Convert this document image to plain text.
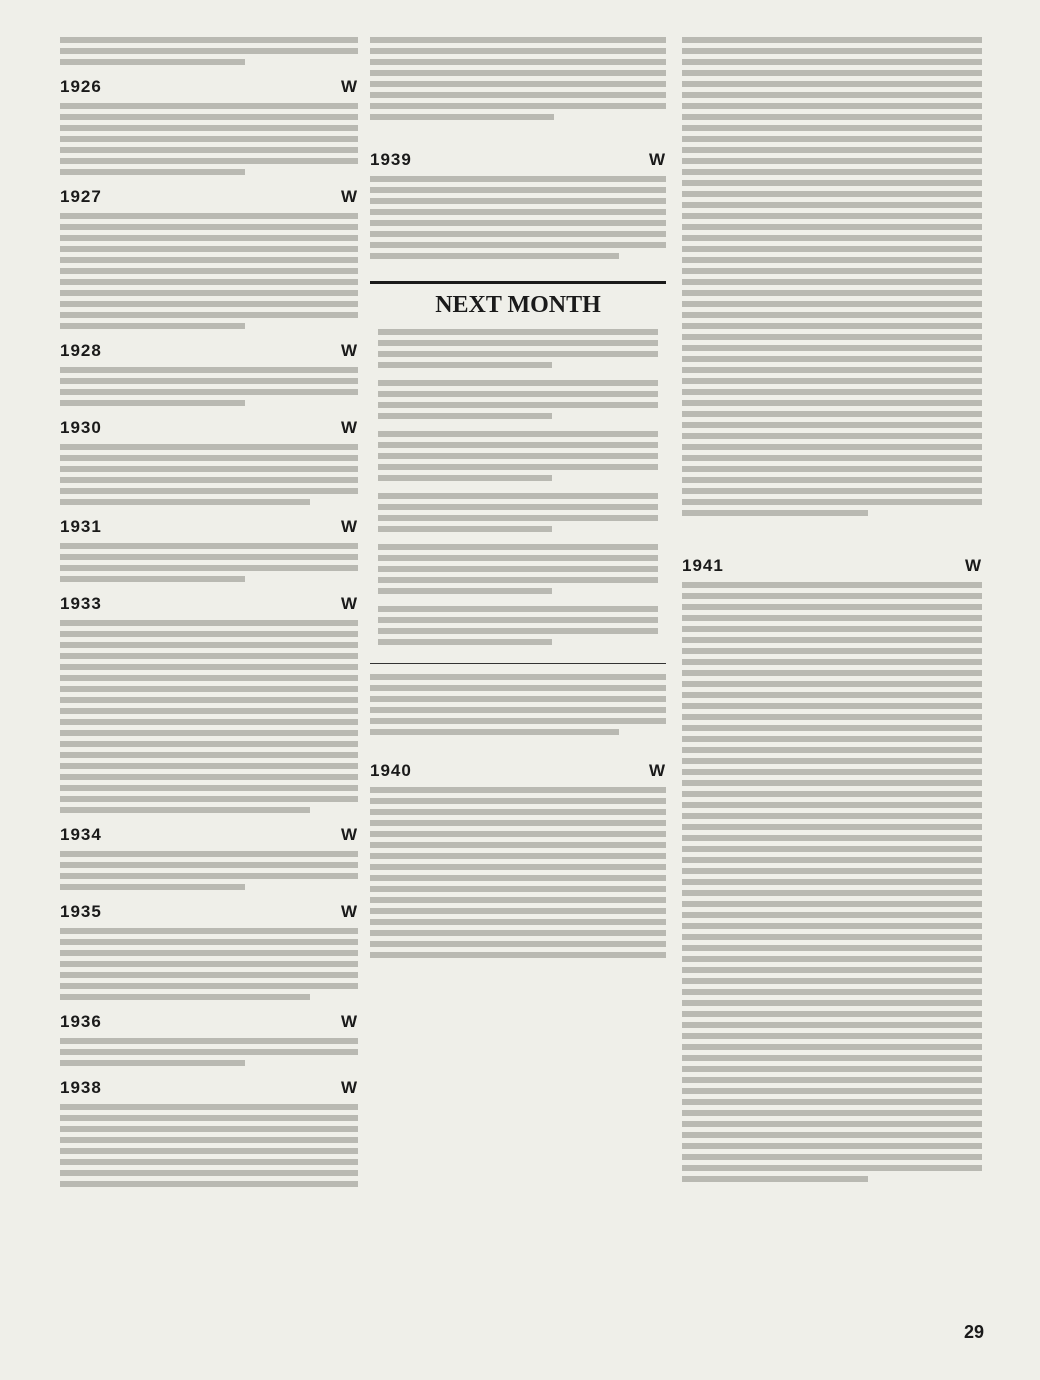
1926	W
1927	W
1928	W
1930	W
1931	W
1933	W
1934	W
1935	W
1936	W
1938	W
1939	W
NEXT MONTH
1940	W
1941	W
29
